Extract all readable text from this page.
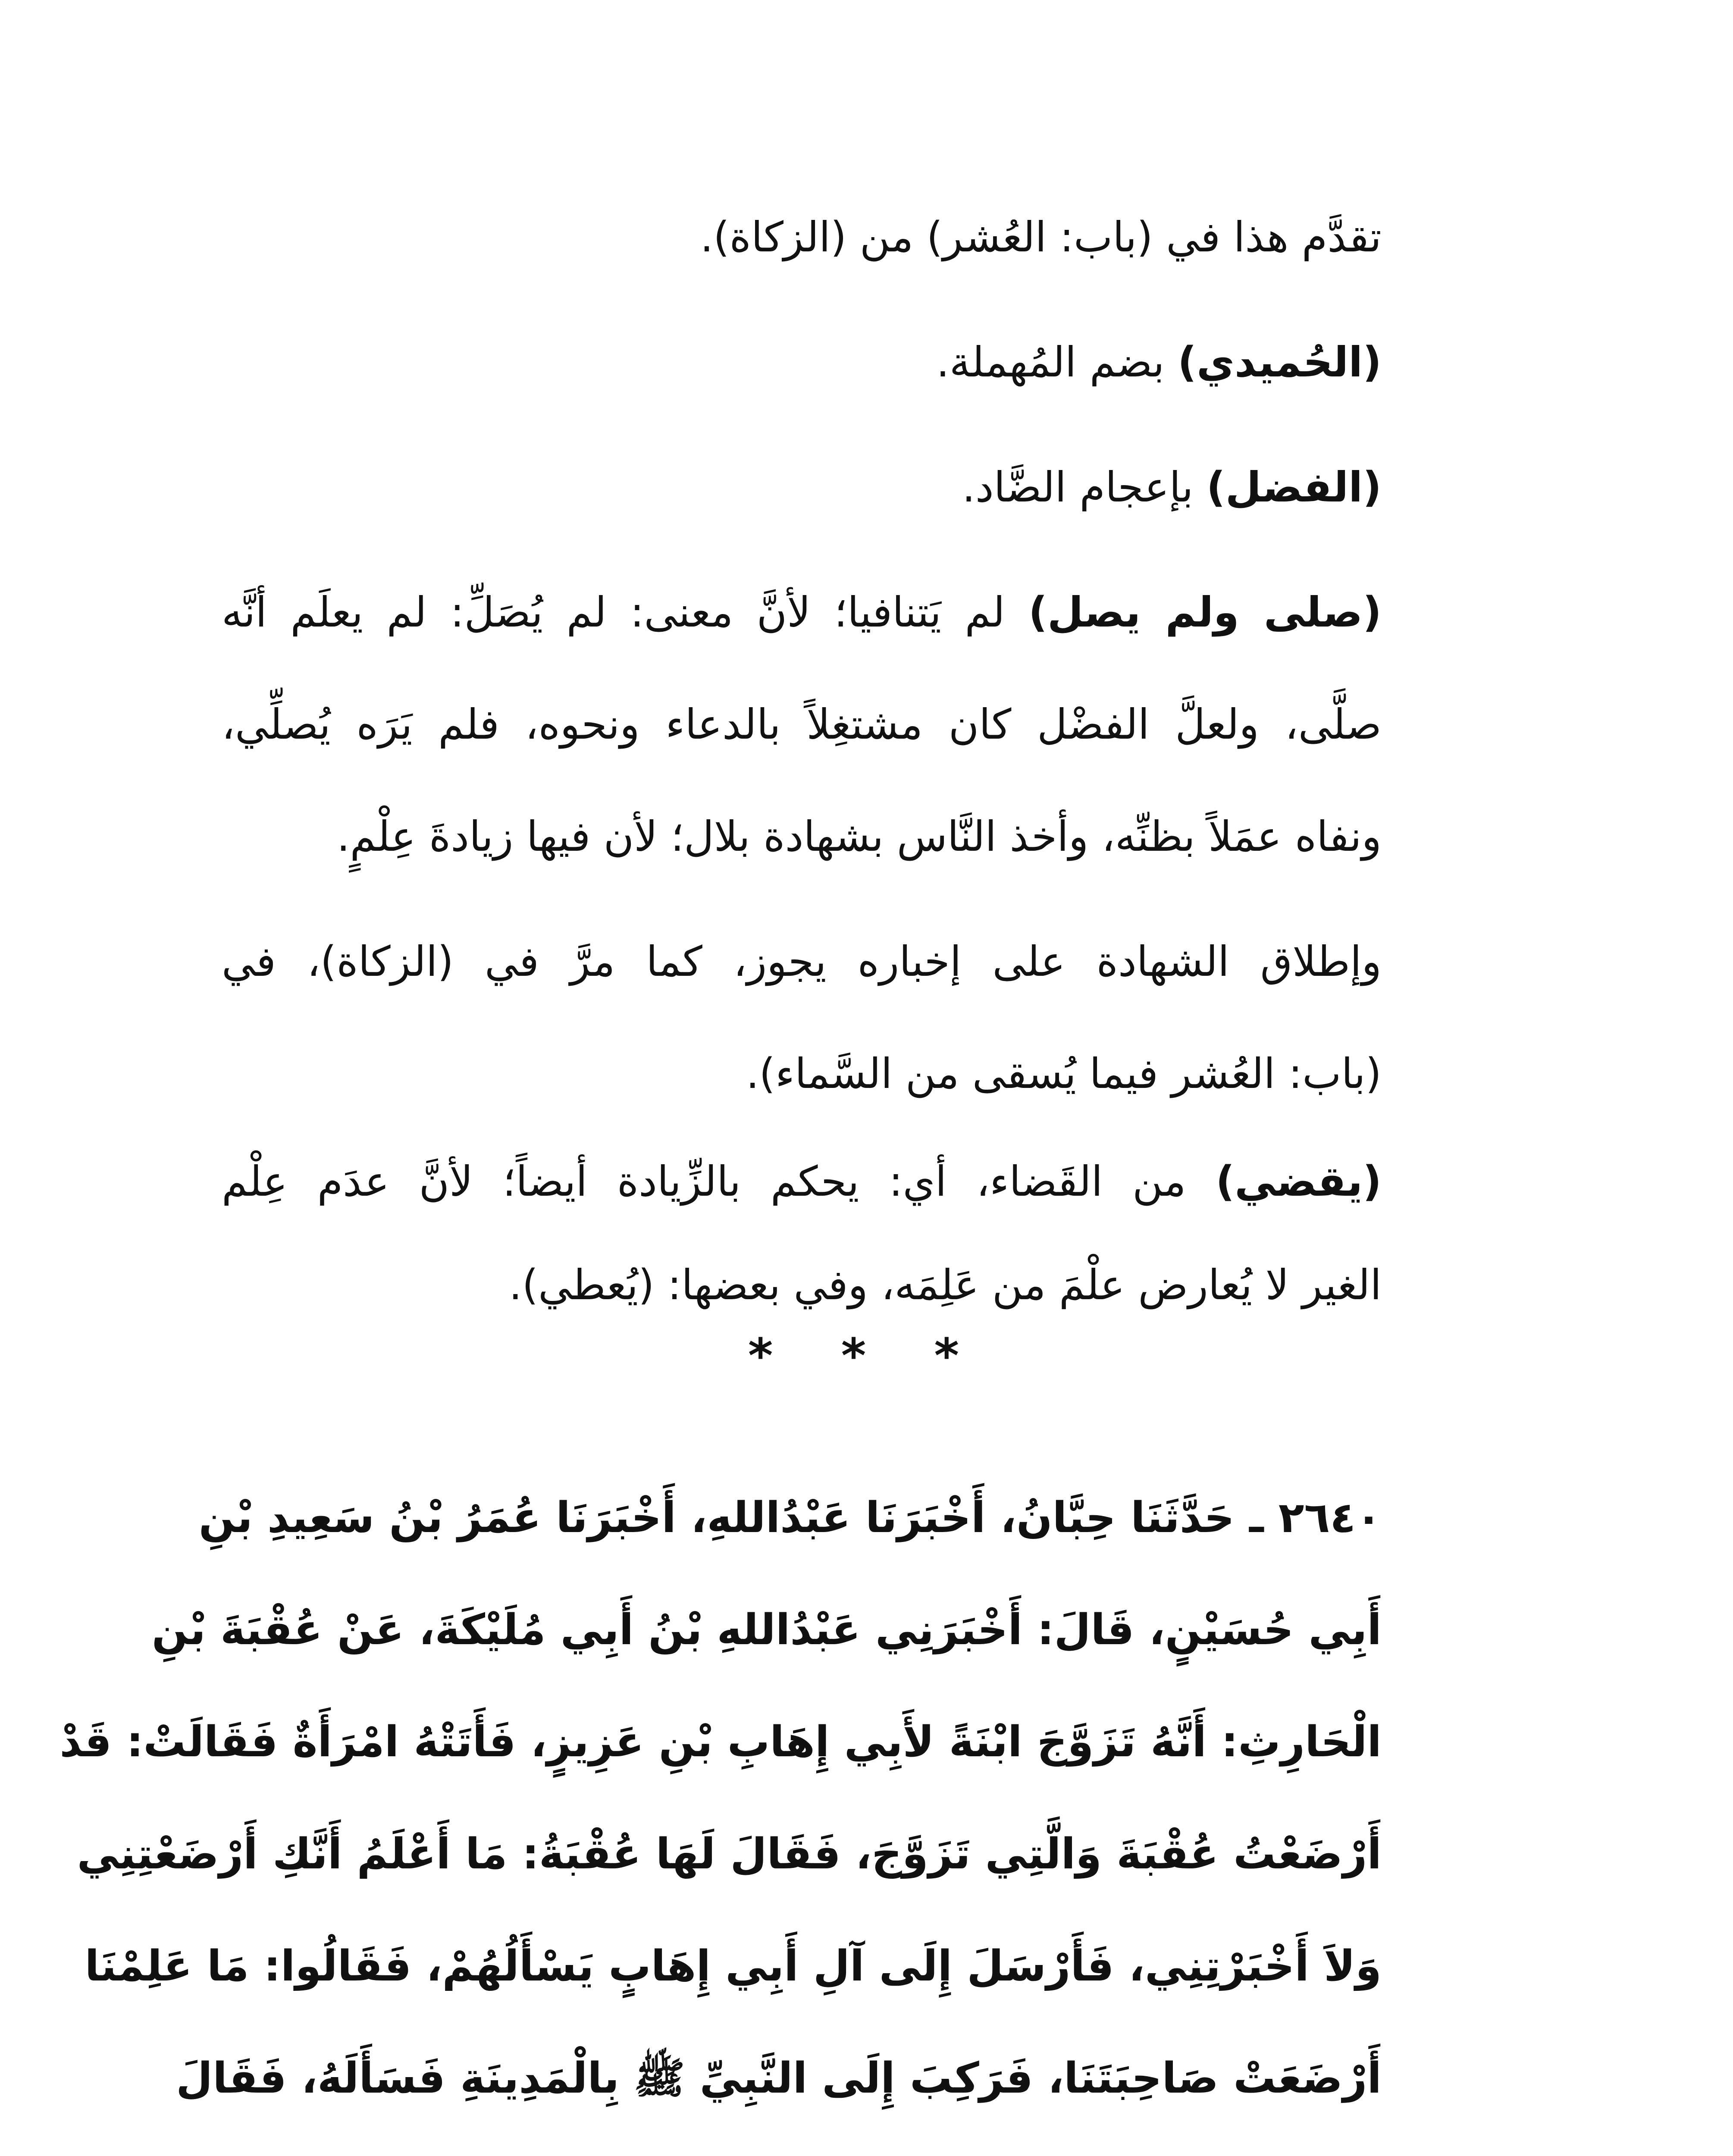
تقدَّم هذا في (باب: العُشر) من (الزكاة).

(الحُميدي) بضم المُهملة.

(الفضل) بإعجام الضَّاد.

(صلى ولم يصل) لم يَتنافيا؛ لأنَّ معنى: لم يُصَلِّ: لم يعلَم أنَّه

صلَّى، ولعلَّ الفضْل كان مشتغِلاً بالدعاء ونحوه، فلم يَرَه يُصلِّي،

ونفاه عمَلاً بظنِّه، وأخذ النَّاس بشهادة بلال؛ لأن فيها زيادةَ عِلْمٍ.

وإطلاق الشهادة على إخباره يجوز، كما مرَّ في (الزكاة)، في

(باب: العُشر فيما يُسقى من السَّماء).

(يقضي) من القَضاء، أي: يحكم بالزِّيادة أيضاً؛ لأنَّ عدَم عِلْم

الغير لا يُعارض علْمَ من عَلِمَه، وفي بعضها: (يُعطي).

* * *

٢٦٤٠ ـ حَدَّثَنَا حِبَّانُ، أَخْبَرَنَا عَبْدُاللهِ، أَخْبَرَنَا عُمَرُ بْنُ سَعِيدِ بْنِ

أَبِي حُسَيْنٍ، قَالَ: أَخْبَرَنِي عَبْدُاللهِ بْنُ أَبِي مُلَيْكَةَ، عَنْ عُقْبَةَ بْنِ

الْحَارِثِ: أَنَّهُ تَزَوَّجَ ابْنَةً لأَبِي إِهَابِ بْنِ عَزِيزٍ، فَأَتَتْهُ امْرَأَةٌ فَقَالَتْ: قَدْ

أَرْضَعْتُ عُقْبَةَ وَالَّتِي تَزَوَّجَ، فَقَالَ لَهَا عُقْبَةُ: مَا أَعْلَمُ أَنَّكِ أَرْضَعْتِنِي

وَلاَ أَخْبَرْتِنِي، فَأَرْسَلَ إِلَى آلِ أَبِي إِهَابٍ يَسْأَلُهُمْ، فَقَالُوا: مَا عَلِمْنَا

أَرْضَعَتْ صَاحِبَتَنَا، فَرَكِبَ إِلَى النَّبِيِّ ﷺ بِالْمَدِينَةِ فَسَأَلَهُ، فَقَالَ
